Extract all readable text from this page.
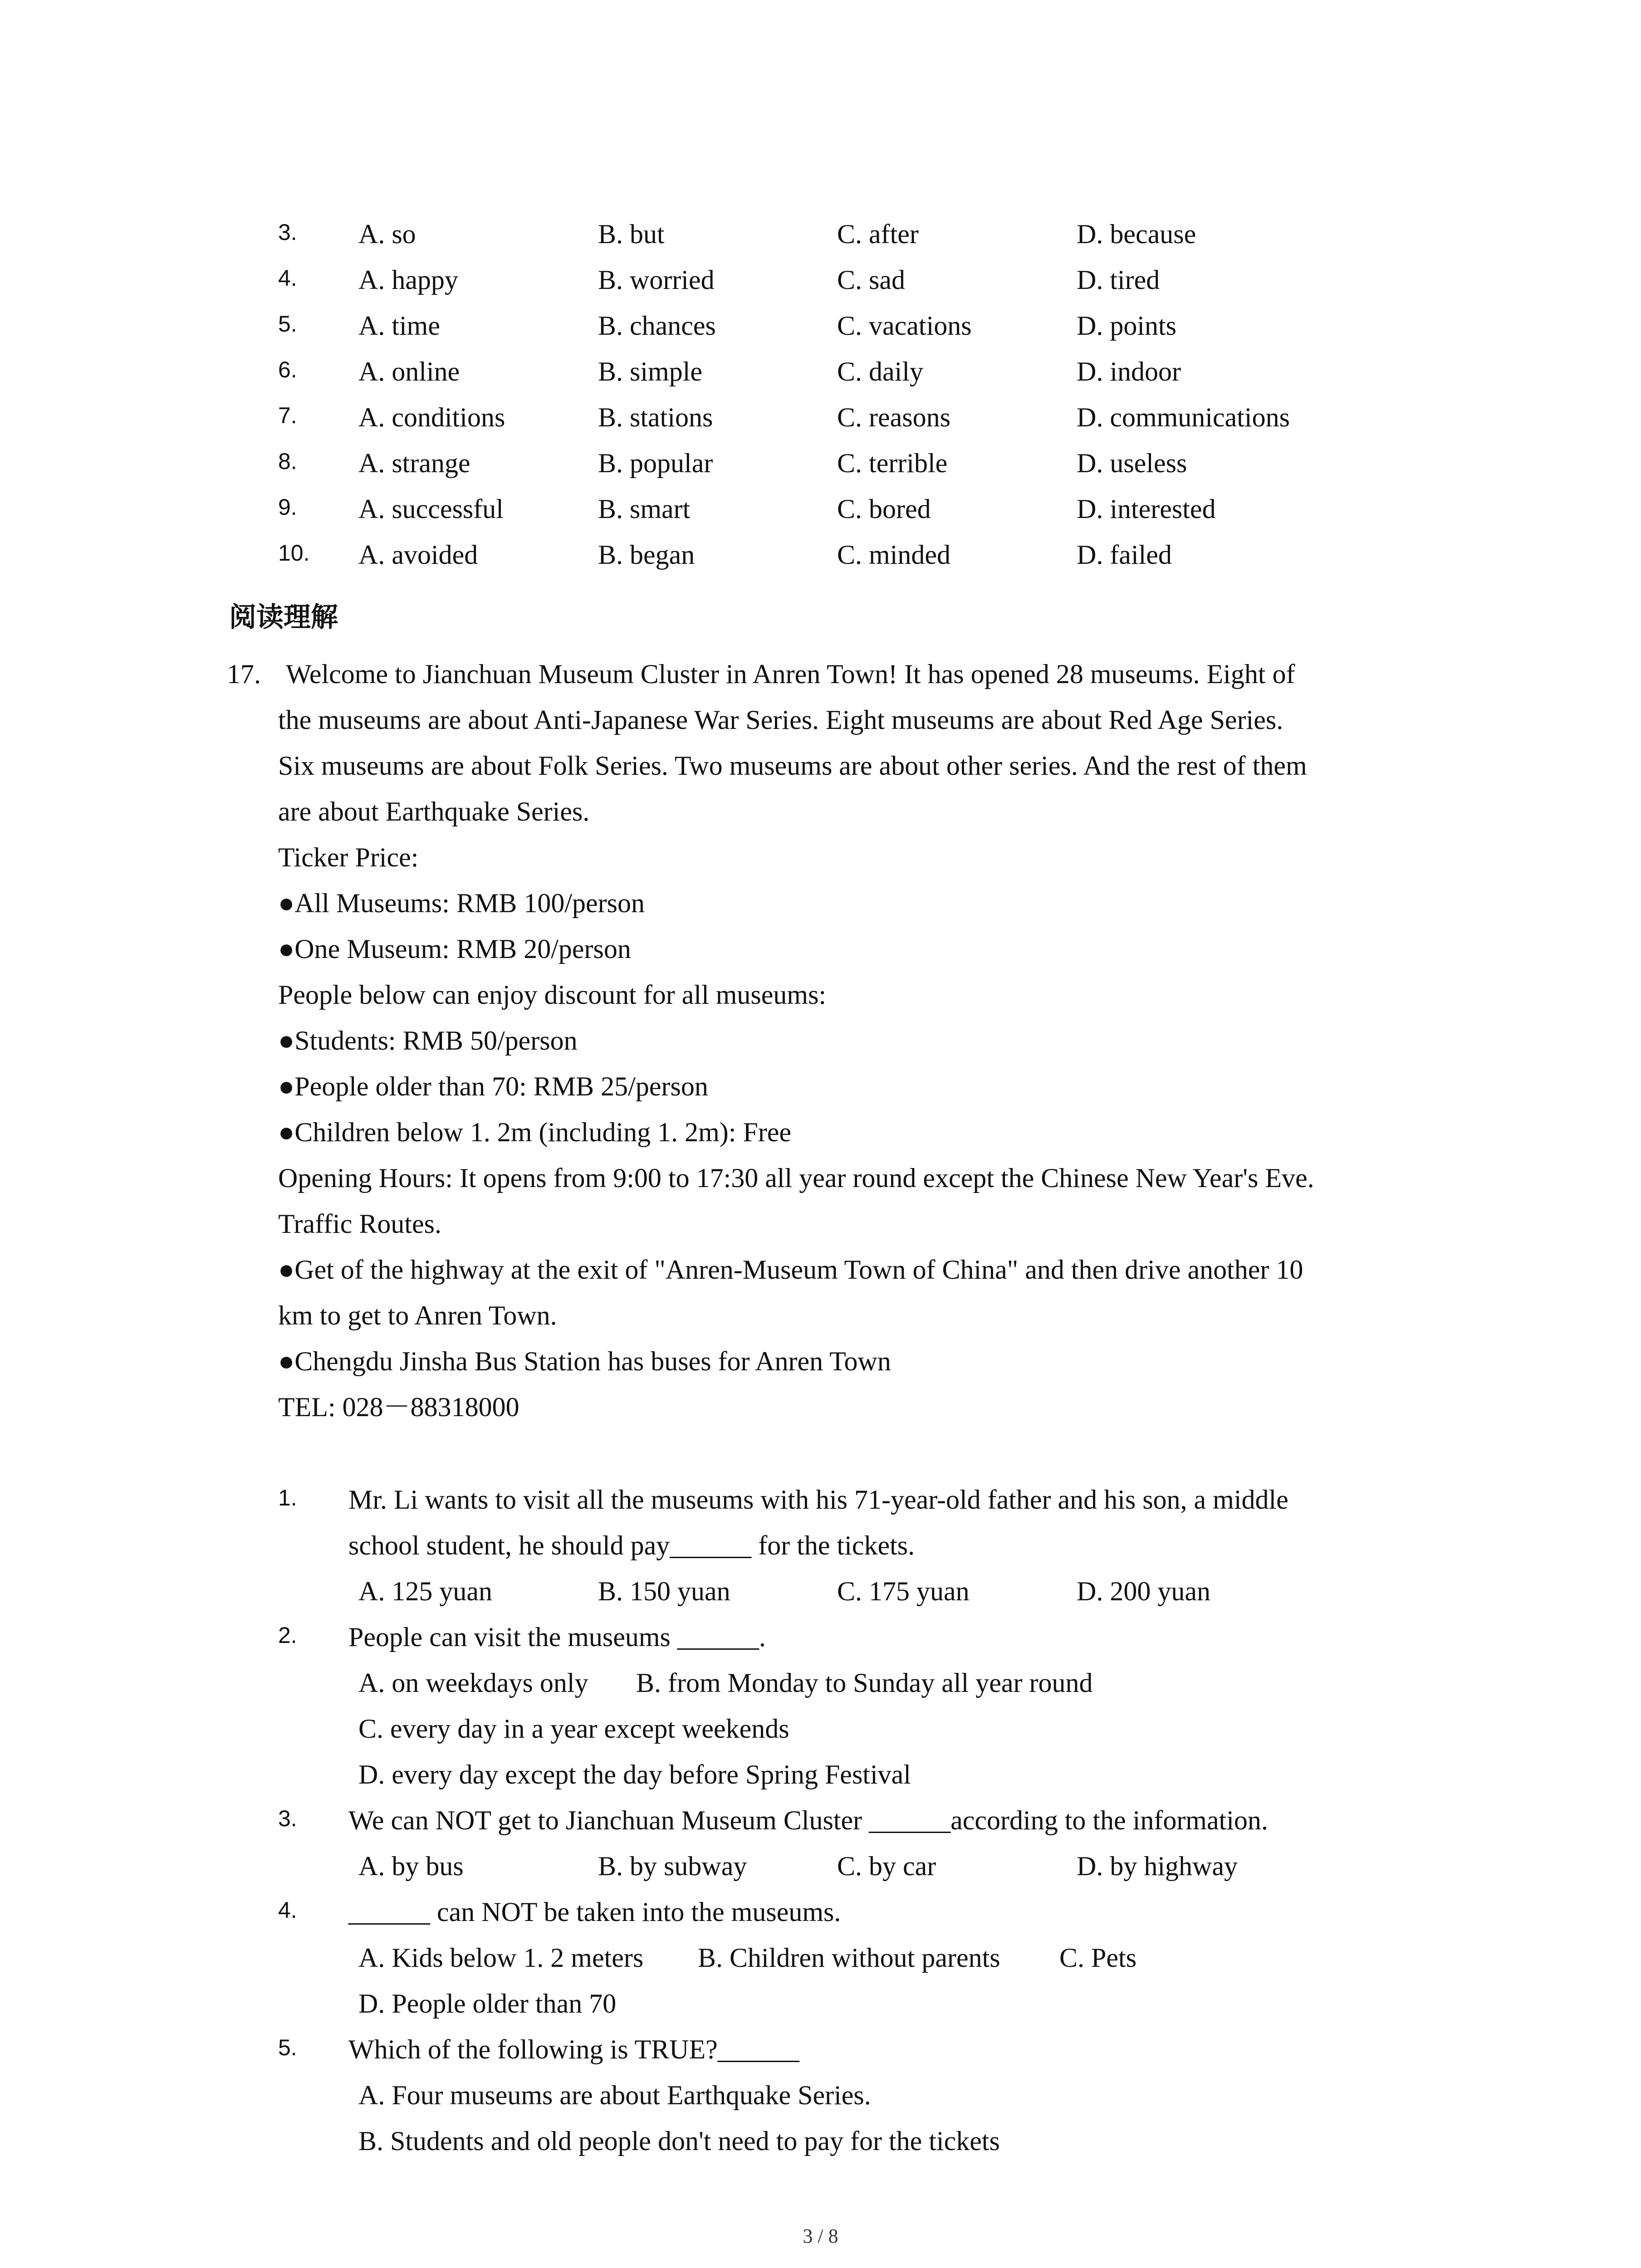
3. A. so	B. but	C. after	D. because
4. A. happy	B. worried	C. sad	D. tired
5. A. time	B. chances	C. vacations	D. points
6. A. online	B. simple	C. daily	D. indoor
7. A. conditions	B. stations	C. reasons	D. communications
8. A. strange	B. popular	C. terrible	D. useless
9. A. successful	B. smart	C. bored	D. interested
10. A. avoided	B. began	C. minded	D. failed
阅读理解
17. Welcome to Jianchuan Museum Cluster in Anren Town! It has opened 28 museums. Eight of
the museums are about Anti-Japanese War Series. Eight museums are about Red Age Series.
Six museums are about Folk Series. Two museums are about other series. And the rest of them
are about Earthquake Series.
Ticker Price:
●All Museums: RMB 100/person
●One Museum: RMB 20/person
People below can enjoy discount for all museums:
●Students: RMB 50/person
●People older than 70: RMB 25/person
●Children below 1. 2m (including 1. 2m): Free
Opening Hours: It opens from 9:00 to 17:30 all year round except the Chinese New Year's Eve.
Traffic Routes.
●Get of the highway at the exit of "Anren-Museum Town of China" and then drive another 10
km to get to Anren Town.
●Chengdu Jinsha Bus Station has buses for Anren Town
TEL: 028－88318000
1. Mr. Li wants to visit all the museums with his 71-year-old father and his son, a middle
school student, he should pay______ for the tickets.
A. 125 yuan	B. 150 yuan	C. 175 yuan	D. 200 yuan
2. People can visit the museums ______.
A. on weekdays only B. from Monday to Sunday all year round
C. every day in a year except weekends
D. every day except the day before Spring Festival
3. We can NOT get to Jianchuan Museum Cluster ______according to the information.
A. by bus	B. by subway	C. by car	D. by highway
4. ______ can NOT be taken into the museums.
A. Kids below 1. 2 meters B. Children without parents C. Pets
D. People older than 70
5. Which of the following is TRUE?______
A. Four museums are about Earthquake Series.
B. Students and old people don't need to pay for the tickets
3 / 8
